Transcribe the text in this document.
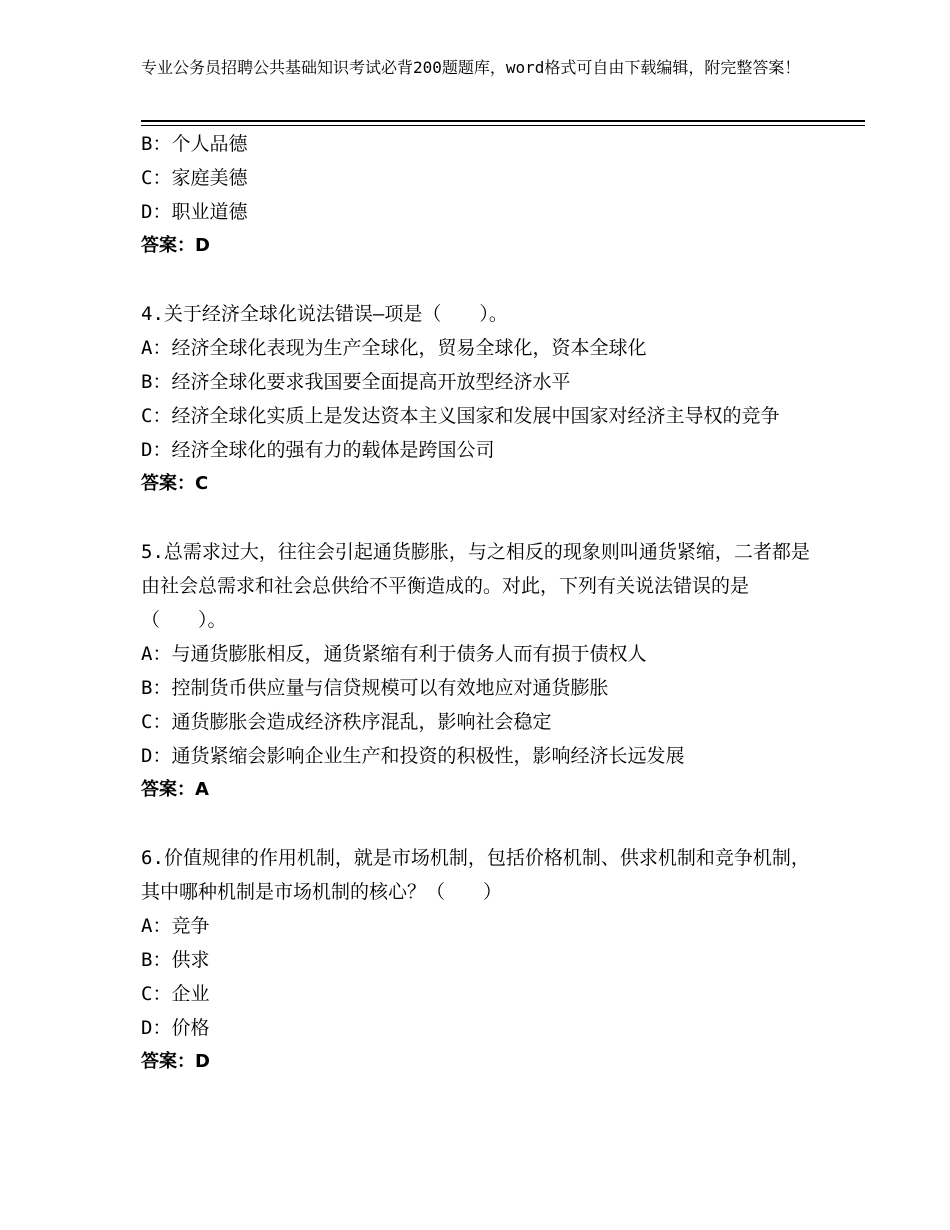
专业公务员招聘公共基础知识考试必背200题题库，word格式可自由下载编辑，附完整答案！
B：个人品德
C：家庭美德
D：职业道德
答案：D
4.关于经济全球化说法错误—项是（　　）。
A：经济全球化表现为生产全球化，贸易全球化，资本全球化
B：经济全球化要求我国要全面提高开放型经济水平
C：经济全球化实质上是发达资本主义国家和发展中国家对经济主导权的竞争
D：经济全球化的强有力的载体是跨国公司
答案：C
5.总需求过大，往往会引起通货膨胀，与之相反的现象则叫通货紧缩，二者都是由社会总需求和社会总供给不平衡造成的。对此，下列有关说法错误的是（　　）。
A：与通货膨胀相反，通货紧缩有利于债务人而有损于债权人
B：控制货币供应量与信贷规模可以有效地应对通货膨胀
C：通货膨胀会造成经济秩序混乱，影响社会稳定
D：通货紧缩会影响企业生产和投资的积极性，影响经济长远发展
答案：A
6.价值规律的作用机制，就是市场机制，包括价格机制、供求机制和竞争机制，其中哪种机制是市场机制的核心？（　　）
A：竞争
B：供求
C：企业
D：价格
答案：D
